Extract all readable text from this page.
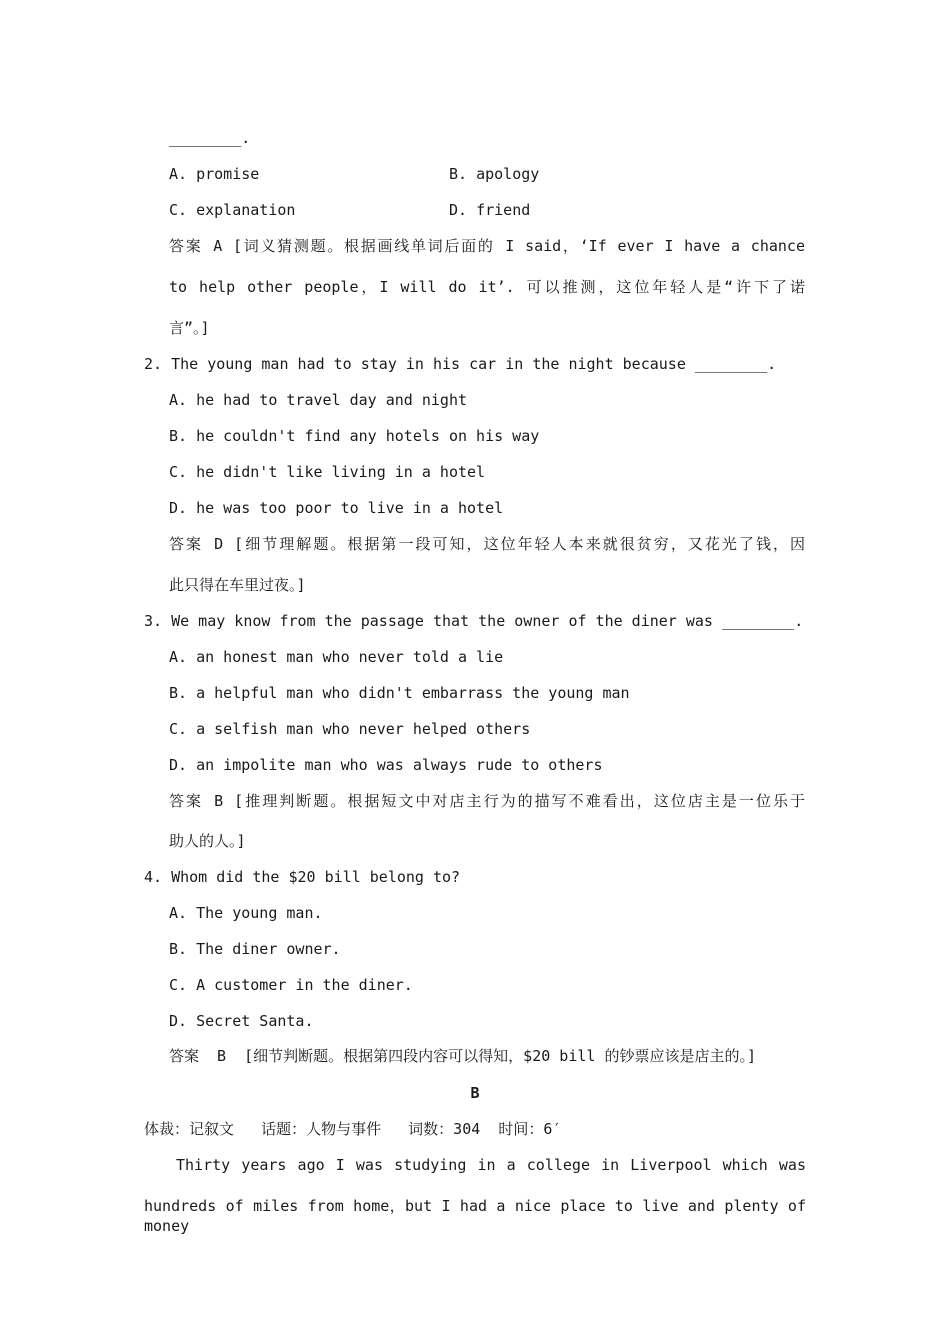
________.
A. promise	B. apology
C. explanation	D. friend
答案 A [词义猜测题。根据画线单词后面的 I said，‘If ever I have a chance
to help other people，I will do it’. 可以推测，这位年轻人是“许下了诺
言”。]
2. The young man had to stay in his car in the night because ________.
A. he had to travel day and night
B. he couldn't find any hotels on his way
C. he didn't like living in a hotel
D. he was too poor to live in a hotel
答案 D [细节理解题。根据第一段可知，这位年轻人本来就很贫穷，又花光了钱，因
此只得在车里过夜。]
3. We may know from the passage that the owner of the diner was ________.
A. an honest man who never told a lie
B. a helpful man who didn't embarrass the young man
C. a selfish man who never helped others
D. an impolite man who was always rude to others
答案 B [推理判断题。根据短文中对店主行为的描写不难看出，这位店主是一位乐于
助人的人。]
4. Whom did the $20 bill belong to?
A. The young man.
B. The diner owner.
C. A customer in the diner.
D. Secret Santa.
答案  B  [细节判断题。根据第四段内容可以得知，$20 bill 的钞票应该是店主的。]
B
体裁：记叙文   话题：人物与事件   词数：304  时间：6′
Thirty years ago I was studying in a college in Liverpool which was
hundreds of miles from home，but I had a nice place to live and plenty of money
